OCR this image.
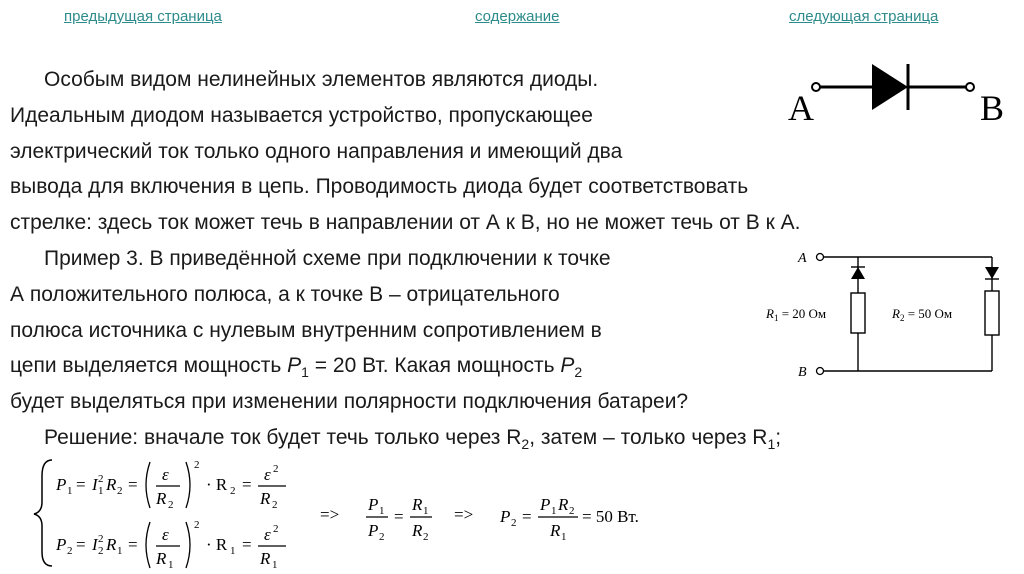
предыдущая страница	содержание	следующая страница
Особым видом нелинейных элементов являются диоды.
Идеальным диодом называется устройство, пропускающее
электрический ток только одного направления и имеющий два
вывода для включения в цепь. Проводимость диода будет соответствовать
стрелке: здесь ток может течь в направлении от А к В, но не может течь от В к А.
A	B
Пример 3. В приведённой схеме при подключении к точке
А положительного полюса, а к точке В – отрицательного
полюса источника с нулевым внутренним сопротивлением в
цепи выделяется мощность $P_1 = 20$ Вт. Какая мощность $P_2$
будет выделяться при изменении полярности подключения батареи?
A
B
$R_1 = 20$ Ом	$R_2 = 50$ Ом
Решение: вначале ток будет течь только через $R_2$, затем – только через $R_1$;
P 1 = I 2
1 R 2 =
ε
R 2
2
· R 2 =
ε 2
R 2
P 2 = I 2
2 R 1 =
ε
R 1
2
· R 1 =
ε 2
R 1
=>
P 1
P 2
=
R 1
R 2
=> P 2 =
P 1 R 2
R 1
= 50 Вт.
